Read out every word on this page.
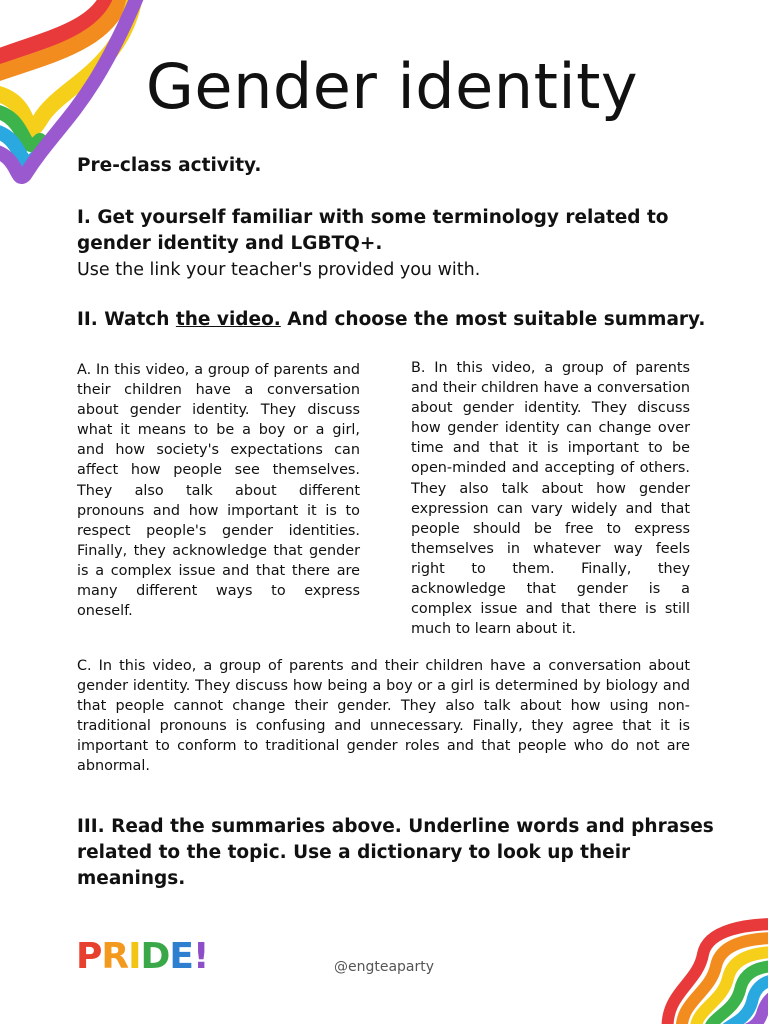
Gender identity

Pre-class activity.

I. Get yourself familiar with some terminology related to

gender identity and LGBTQ+.

Use the link your teacher's provided you with.

II. Watch the video. And choose the most suitable summary.

A. In this video, a group of parents and their children have a conversation about gender identity. They discuss what it means to be a boy or a girl, and how society's expectations can affect how people see themselves. They also talk about different pronouns and how important it is to respect people's gender identities. Finally, they acknowledge that gender is a complex issue and that there are many different ways to express oneself.

B. In this video, a group of parents and their children have a conversation about gender identity. They discuss how gender identity can change over time and that it is important to be open-minded and accepting of others. They also talk about how gender expression can vary widely and that people should be free to express themselves in whatever way feels right to them. Finally, they acknowledge that gender is a complex issue and that there is still much to learn about it.

C. In this video, a group of parents and their children have a conversation about gender identity. They discuss how being a boy or a girl is determined by biology and that people cannot change their gender. They also talk about how using non-traditional pronouns is confusing and unnecessary. Finally, they agree that it is important to conform to traditional gender roles and that people who do not are abnormal.

III. Read the summaries above. Underline words and phrases

related to the topic. Use a dictionary to look up their

meanings.

PRIDE!	@engteaparty
